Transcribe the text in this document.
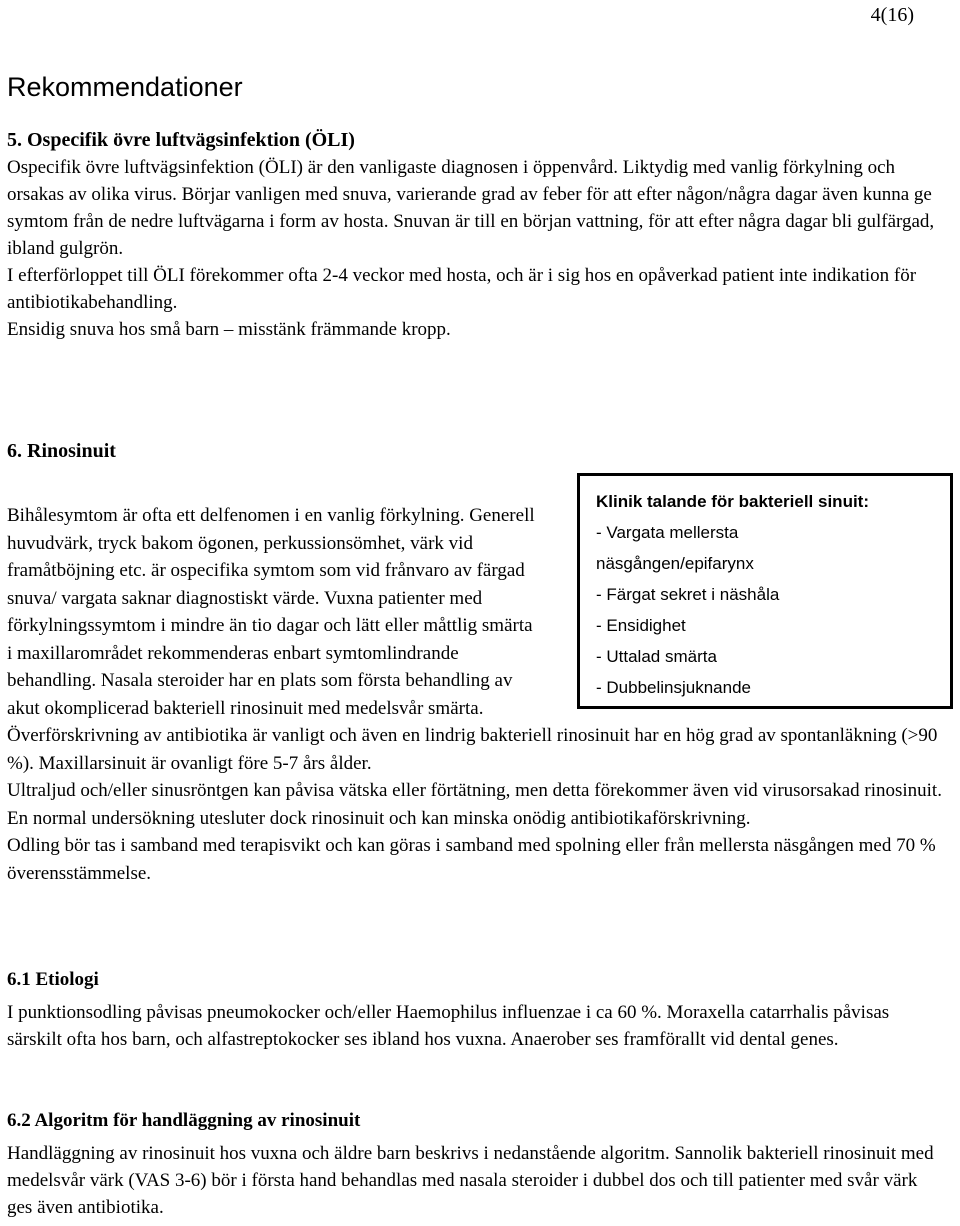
4(16)
Rekommendationer
5. Ospecifik övre luftvägsinfektion (ÖLI)

Ospecifik övre luftvägsinfektion (ÖLI) är den vanligaste diagnosen i öppenvård. Liktydig med vanlig förkylning och orsakas av olika virus. Börjar vanligen med snuva, varierande grad av feber för att efter någon/några dagar även kunna ge symtom från de nedre luftvägarna i form av hosta. Snuvan är till en början vattning, för att efter några dagar bli gulfärgad, ibland gulgrön.

I efterförloppet till ÖLI förekommer ofta 2-4 veckor med hosta, och är i sig hos en opåverkad patient inte indikation för antibiotikabehandling.

Ensidig snuva hos små barn – misstänk främmande kropp.

6. Rinosinuit
Klinik talande för bakteriell sinuit:
- Vargata mellersta
näsgången/epifarynx
- Färgat sekret i näshåla
- Ensidighet
- Uttalad smärta
- Dubbelinsjuknande

Bihålesymtom är ofta ett delfenomen i en vanlig förkylning. Generell huvudvärk, tryck bakom ögonen, perkussionsömhet, värk vid framåtböjning etc. är ospecifika symtom som vid frånvaro av färgad snuva/ vargata saknar diagnostiskt värde. Vuxna patienter med förkylningssymtom i mindre än tio dagar och lätt eller måttlig smärta i maxillarområdet rekommenderas enbart symtomlindrande behandling. Nasala steroider har en plats som första behandling av akut okomplicerad bakteriell rinosinuit med medelsvår smärta. Överförskrivning av antibiotika är vanligt och även en lindrig bakteriell rinosinuit har en hög grad av spontanläkning (>90 %). Maxillarsinuit är ovanligt före 5-7 års ålder.

Ultraljud och/eller sinusröntgen kan påvisa vätska eller förtätning, men detta förekommer även vid virusorsakad rinosinuit. En normal undersökning utesluter dock rinosinuit och kan minska onödig antibiotikaförskrivning.

Odling bör tas i samband med terapisvikt och kan göras i samband med spolning eller från mellersta näsgången med 70 % överensstämmelse.

6.1 Etiologi

I punktionsodling påvisas pneumokocker och/eller Haemophilus influenzae i ca 60 %. Moraxella catarrhalis påvisas särskilt ofta hos barn, och alfastreptokocker ses ibland hos vuxna. Anaerober ses framförallt vid dental genes.

6.2 Algoritm för handläggning av rinosinuit

Handläggning av rinosinuit hos vuxna och äldre barn beskrivs i nedanstående algoritm. Sannolik bakteriell rinosinuit med medelsvår värk (VAS 3-6) bör i första hand behandlas med nasala steroider i dubbel dos och till patienter med svår värk ges även antibiotika.
